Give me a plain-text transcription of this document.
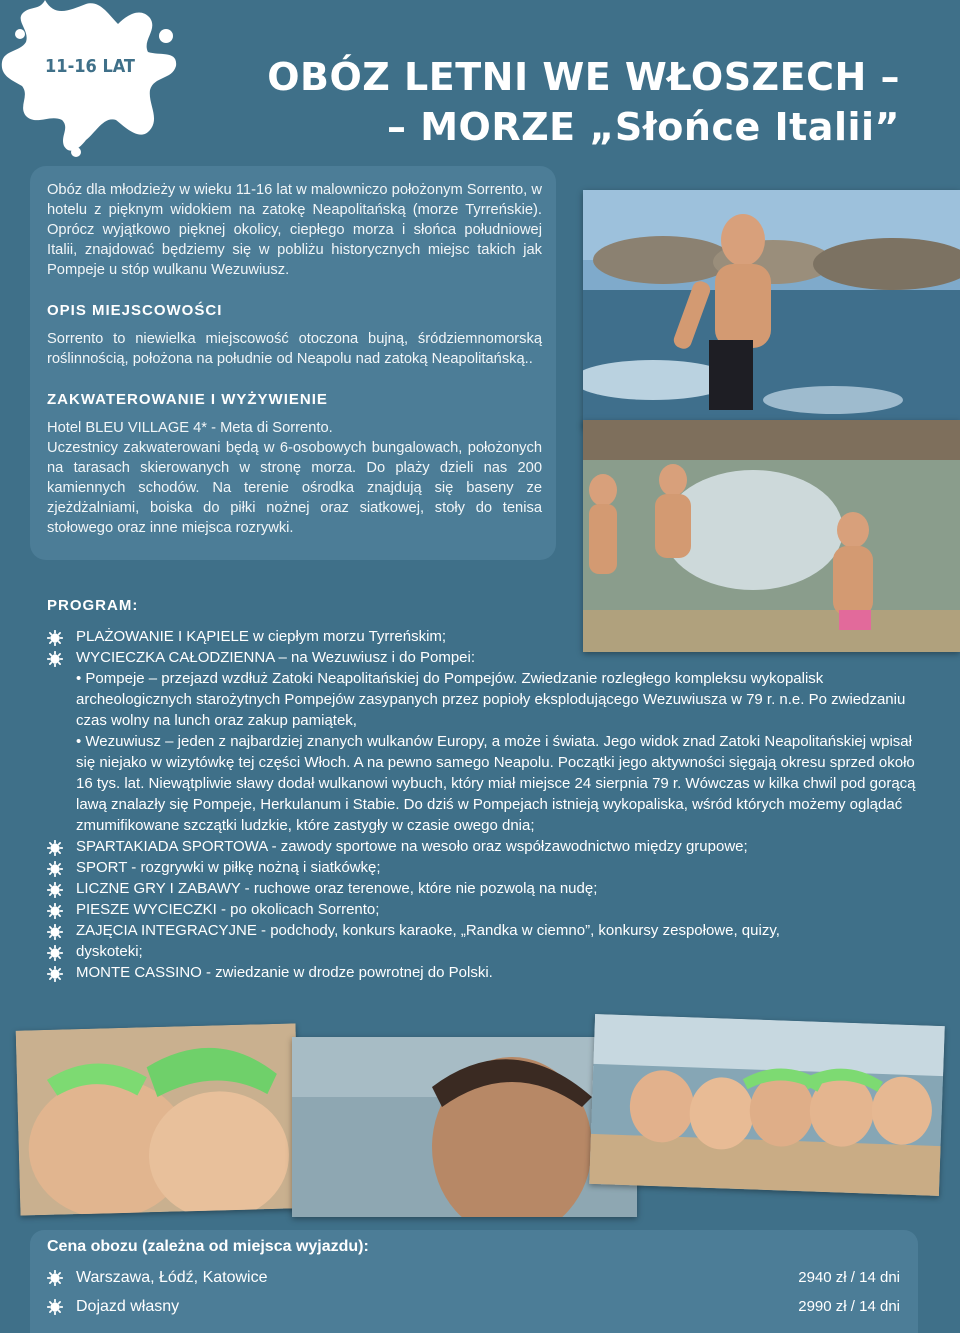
11-16 LAT	OBÓZ LETNI WE WŁOSZECH –
– MORZE „Słońce Italii”

Obóz dla młodzieży w wieku 11-16 lat w malowniczo położonym Sorrento, w hotelu z pięknym widokiem na zatokę Neapolitańską (morze Tyrreńskie). Oprócz wyjątkowo pięknej okolicy, ciepłego morza i słońca południowej Italii, znajdować będziemy się w pobliżu historycznych miejsc takich jak Pompeje u stóp wulkanu Wezuwiusz.

OPIS MIEJSCOWOŚCI

Sorrento to niewielka miejscowość otoczona bujną, śródziemnomorską roślinnością, położona na południe od Neapolu nad zatoką Neapolitańską..

ZAKWATEROWANIE I WYŻYWIENIE

Hotel BLEU VILLAGE 4* - Meta di Sorrento.

Uczestnicy zakwaterowani będą w 6-osobowych bungalowach, położonych na tarasach skierowanych w stronę morza. Do plaży dzieli nas 200 kamiennych schodów. Na terenie ośrodka znajdują się baseny ze zjeżdżalniami, boiska do piłki nożnej oraz siatkowej, stoły do tenisa stołowego oraz inne miejsca rozrywki.

PROGRAM:
PLAŻOWANIE I KĄPIELE w ciepłym morzu Tyrreńskim;
WYCIECZKA CAŁODZIENNA – na Wezuwiusz i do Pompei:
• Pompeje – przejazd wzdłuż Zatoki Neapolitańskiej do Pompejów. Zwiedzanie rozległego kompleksu wykopalisk archeologicznych starożytnych Pompejów zasypanych przez popioły eksplodującego Wezuwiusza w 79 r. n.e. Po zwiedzaniu czas wolny na lunch oraz zakup pamiątek,
• Wezuwiusz – jeden z najbardziej znanych wulkanów Europy, a może i świata. Jego widok znad Zatoki Neapolitańskiej wpisał się niejako w wizytówkę tej części Włoch. A na pewno samego Neapolu. Początki jego aktywności sięgają okresu sprzed około 16 tys. lat. Niewątpliwie sławy dodał wulkanowi wybuch, który miał miejsce 24 sierpnia 79 r. Wówczas w kilka chwil pod gorącą lawą znalazły się Pompeje, Herkulanum i Stabie. Do dziś w Pompejach istnieją wykopaliska, wśród których możemy oglądać zmumifikowane szczątki ludzkie, które zastygły w czasie owego dnia;
SPARTAKIADA SPORTOWA - zawody sportowe na wesoło oraz współzawodnictwo między grupowe;
SPORT - rozgrywki w piłkę nożną i siatkówkę;
LICZNE GRY I ZABAWY - ruchowe oraz terenowe, które nie pozwolą na nudę;
PIESZE WYCIECZKI - po okolicach Sorrento;
ZAJĘCIA INTEGRACYJNE - podchody, konkurs karaoke, „Randka w ciemno”, konkursy zespołowe, quizy,
dyskoteki;
MONTE CASSINO - zwiedzanie w drodze powrotnej do Polski.
Cena obozu (zależna od miejsca wyjazdu):
Warszawa, Łódź, Katowice	2940 zł / 14 dni
Dojazd własny	2990 zł / 14 dni
